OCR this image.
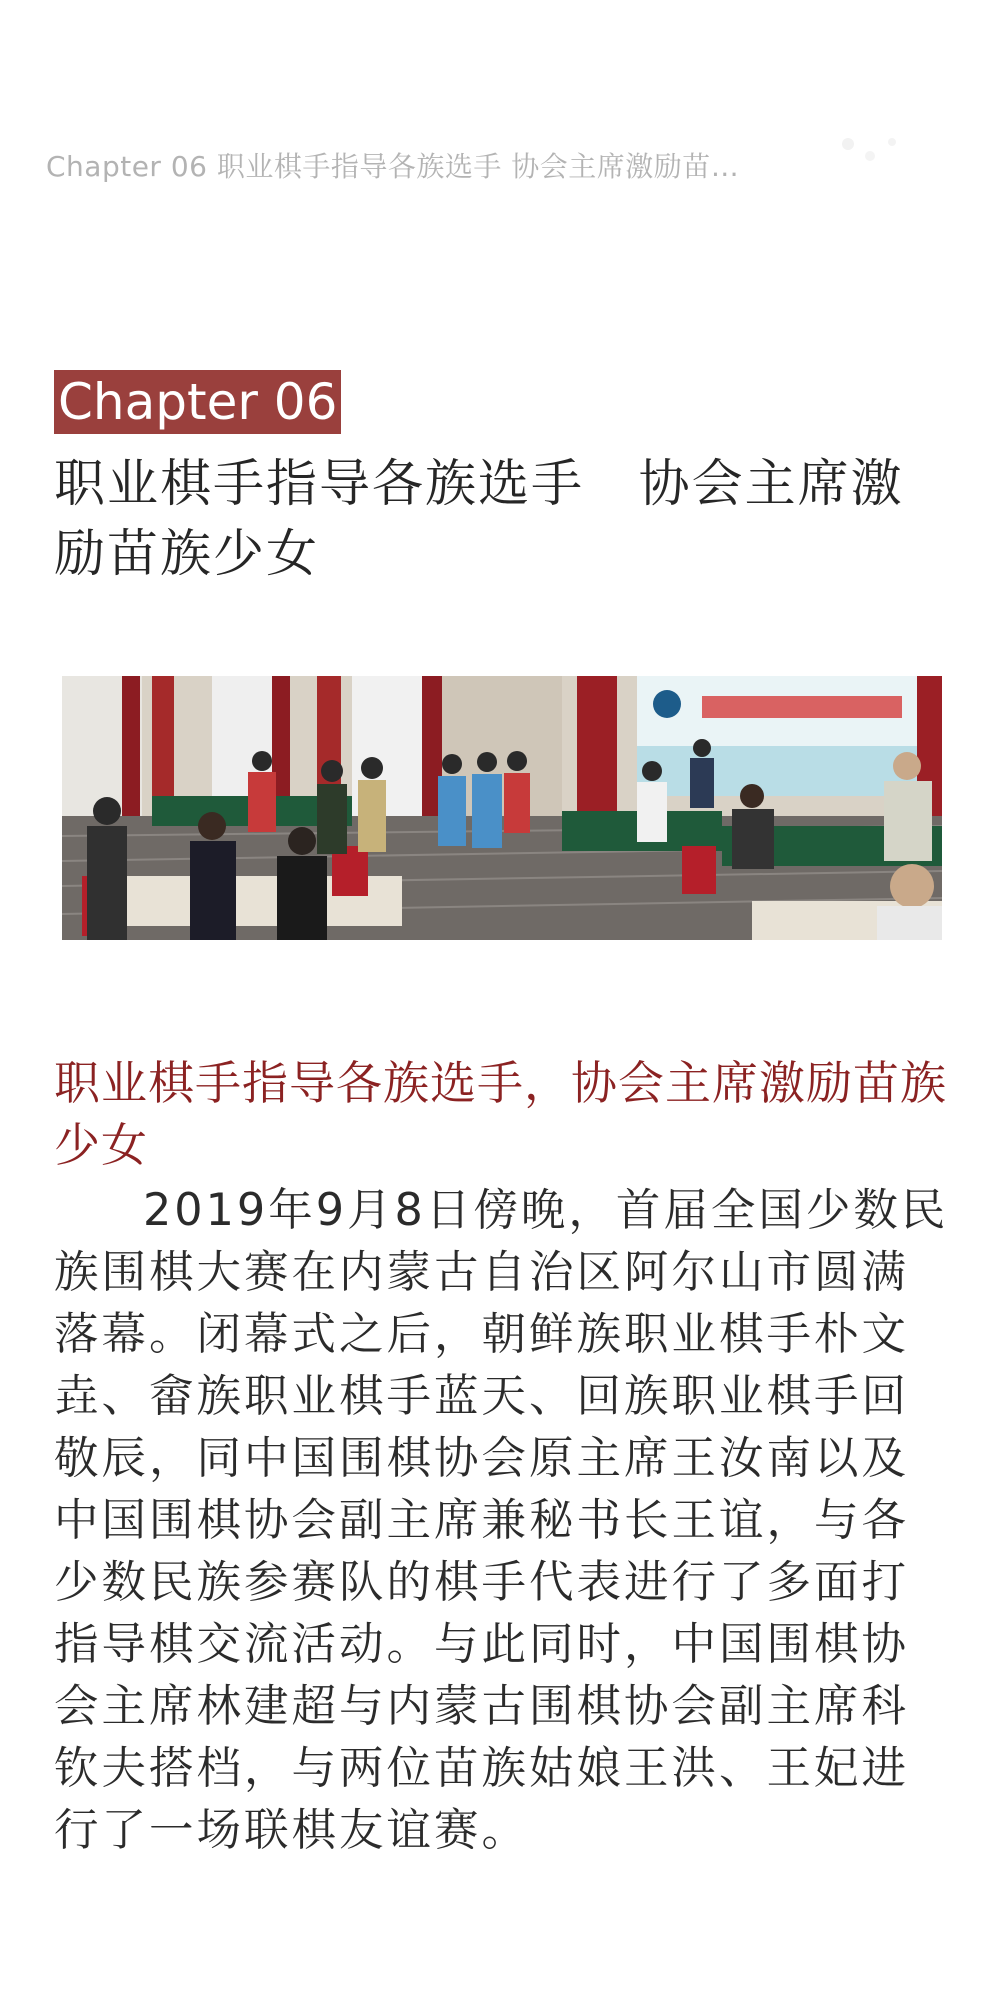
Chapter 06 职业棋手指导各族选手 协会主席激励苗…
Chapter 06
职业棋手指导各族选手   协会主席激励苗族少女
职业棋手指导各族选手，协会主席激励苗族少女

2019年9月8日傍晚，首届全国少数民族围棋大赛在内蒙古自治区阿尔山市圆满落幕。闭幕式之后，朝鲜族职业棋手朴文垚、畲族职业棋手蓝天、回族职业棋手回敬辰，同中国围棋协会原主席王汝南以及中国围棋协会副主席兼秘书长王谊，与各少数民族参赛队的棋手代表进行了多面打指导棋交流活动。与此同时，中国围棋协会主席林建超与内蒙古围棋协会副主席科钦夫搭档，与两位苗族姑娘王洪、王妃进行了一场联棋友谊赛。
